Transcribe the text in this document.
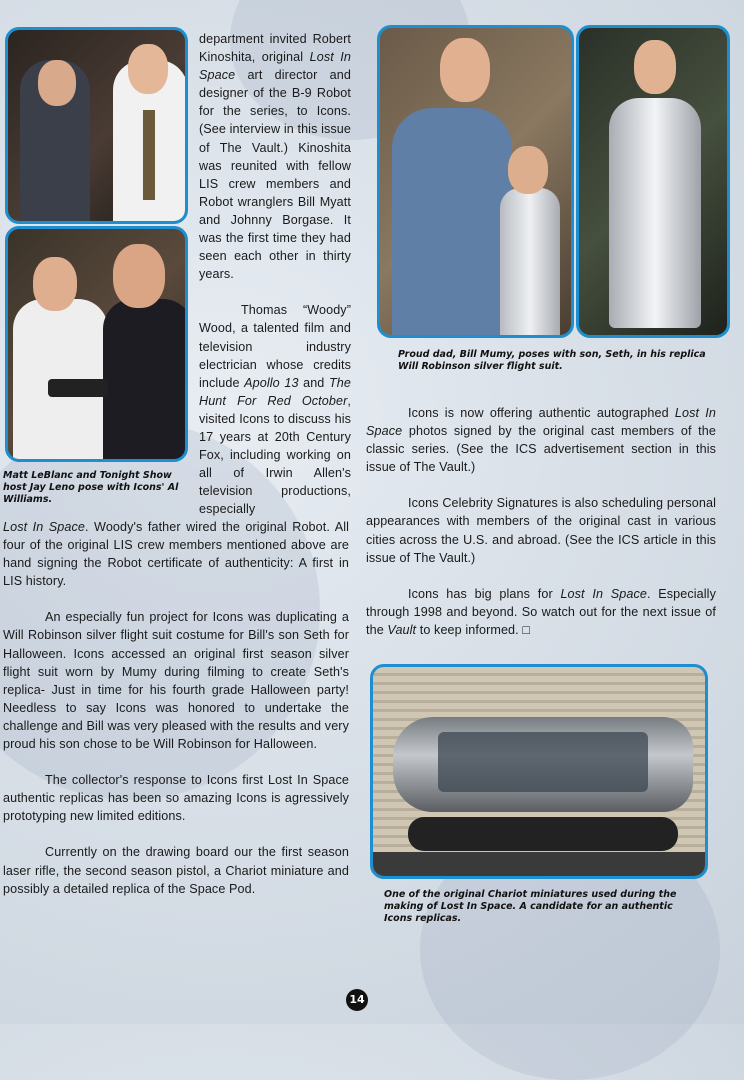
Matt LeBlanc and Tonight Show host Jay Leno pose with Icons' Al Williams.
Proud dad, Bill Mumy, poses with son, Seth, in his replica Will Robinson silver flight suit.
One of the original Chariot miniatures used during the making of Lost In Space. A candidate for an authentic Icons replicas.

department invited Robert Kinoshita, original Lost In Space art director and designer of the B-9 Robot for the series, to Icons. (See interview in this issue of The Vault.) Kinoshita was reunited with fellow LIS crew members and Robot wranglers Bill Myatt and Johnny Borgase. It was the first time they had seen each other in thirty years.

Thomas “Woody” Wood, a talented film and television industry electrician whose credits include Apollo 13 and The Hunt For Red October, visited Icons to discuss his 17 years at 20th Century Fox, including working on all of Irwin Allen's television productions, especially

Lost In Space. Woody's father wired the original Robot. All four of the original LIS crew members mentioned above are hand signing the Robot certificate of authenticity: A first in LIS history.

An especially fun project for Icons was duplicating a Will Robinson silver flight suit costume for Bill's son Seth for Halloween. Icons accessed an original first season silver flight suit worn by Mumy during filming to create Seth's replica- Just in time for his fourth grade Halloween party! Needless to say Icons was honored to undertake the challenge and Bill was very pleased with the results and very proud his son chose to be Will Robinson for Halloween.

The collector's response to Icons first Lost In Space authentic replicas has been so amazing Icons is agressively prototyping new limited editions.

Currently on the drawing board our the first season laser rifle, the second season pistol, a Chariot miniature and possibly a detailed replica of the Space Pod.

Icons is now offering authentic autographed Lost In Space photos signed by the original cast members of the classic series. (See the ICS advertisement section in this issue of The Vault.)

Icons Celebrity Signatures is also scheduling personal appearances with members of the original cast in various cities across the U.S. and abroad. (See the ICS article in this issue of The Vault.)

Icons has big plans for Lost In Space. Especially through 1998 and beyond. So watch out for the next issue of the Vault to keep informed. □

14
